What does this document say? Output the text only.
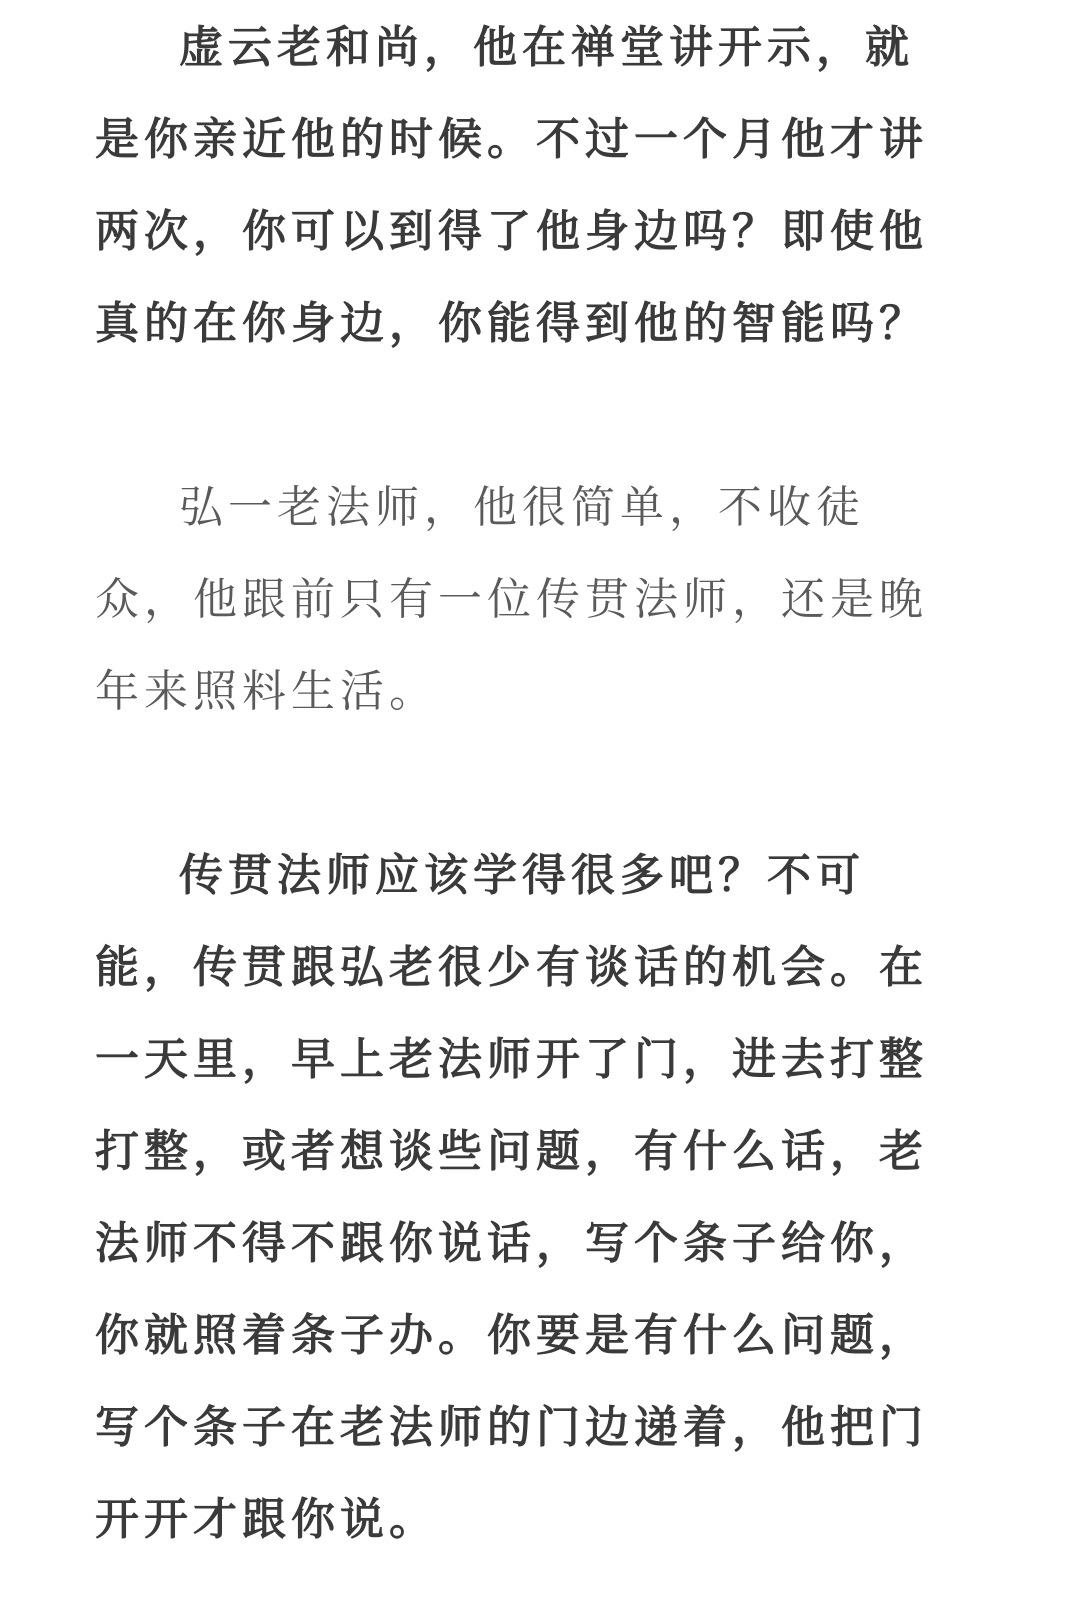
虚云老和尚，他在禅堂讲开示，就
是你亲近他的时候。不过一个月他才讲
两次，你可以到得了他身边吗？即使他
真的在你身边，你能得到他的智能吗？

弘一老法师，他很简单，不收徒
众，他跟前只有一位传贯法师，还是晚
年来照料生活。

传贯法师应该学得很多吧？不可
能，传贯跟弘老很少有谈话的机会。在
一天里，早上老法师开了门，进去打整
打整，或者想谈些问题，有什么话，老
法师不得不跟你说话，写个条子给你，
你就照着条子办。你要是有什么问题，
写个条子在老法师的门边递着，他把门
开开才跟你说。
